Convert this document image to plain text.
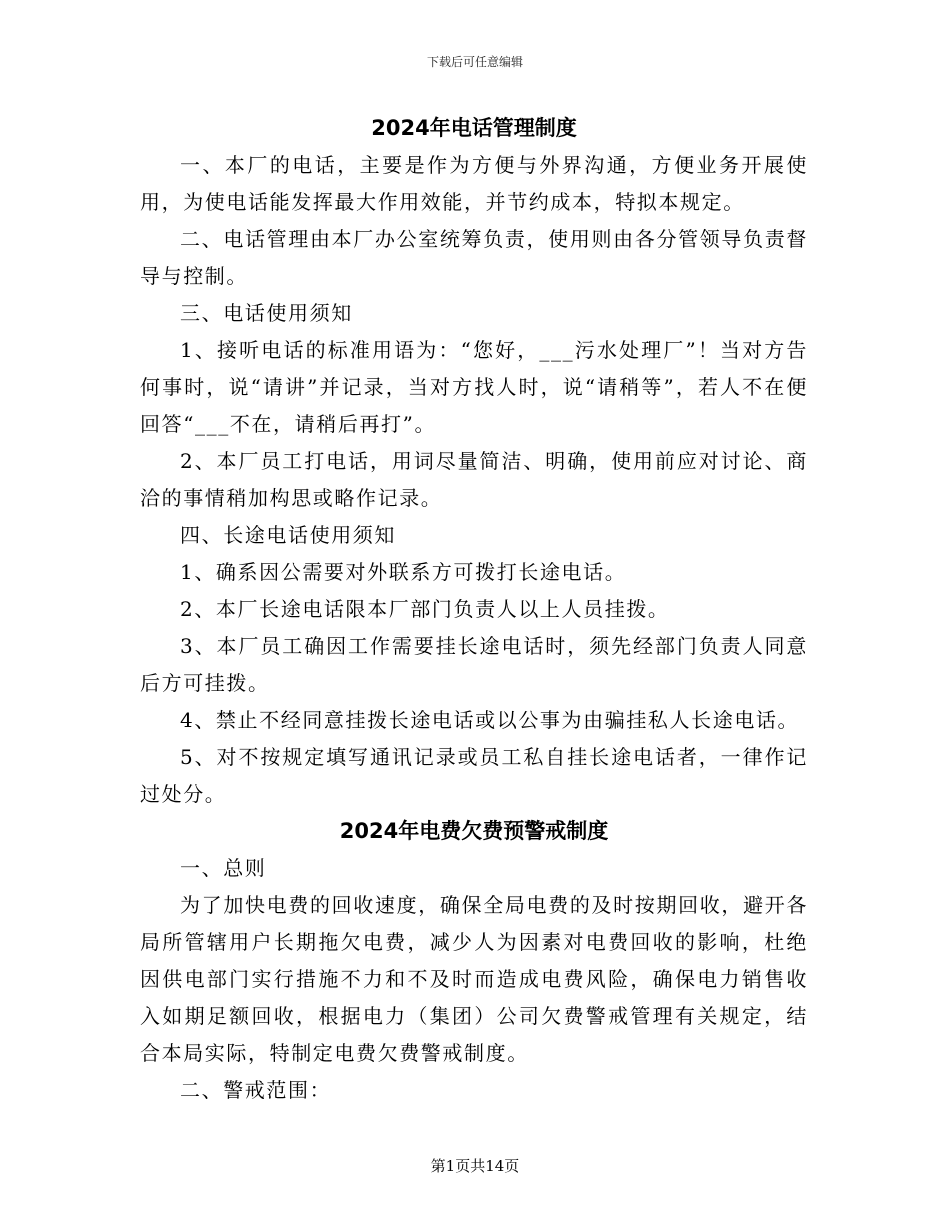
下载后可任意编辑
2024年电话管理制度

一、本厂的电话，主要是作为方便与外界沟通，方便业务开展使用，为使电话能发挥最大作用效能，并节约成本，特拟本规定。

二、电话管理由本厂办公室统筹负责，使用则由各分管领导负责督导与控制。

三、电话使用须知

1、接听电话的标准用语为：“您好，___污水处理厂”！当对方告何事时，说“请讲”并记录，当对方找人时，说“请稍等”，若人不在便回答“___不在，请稍后再打”。

2、本厂员工打电话，用词尽量简洁、明确，使用前应对讨论、商洽的事情稍加构思或略作记录。

四、长途电话使用须知

1、确系因公需要对外联系方可拨打长途电话。

2、本厂长途电话限本厂部门负责人以上人员挂拨。

3、本厂员工确因工作需要挂长途电话时，须先经部门负责人同意后方可挂拨。

4、禁止不经同意挂拨长途电话或以公事为由骗挂私人长途电话。

5、对不按规定填写通讯记录或员工私自挂长途电话者，一律作记过处分。

2024年电费欠费预警戒制度

一、总则

为了加快电费的回收速度，确保全局电费的及时按期回收，避开各局所管辖用户长期拖欠电费，减少人为因素对电费回收的影响，杜绝因供电部门实行措施不力和不及时而造成电费风险，确保电力销售收入如期足额回收，根据电力（集团）公司欠费警戒管理有关规定，结合本局实际，特制定电费欠费警戒制度。

二、警戒范围：

第1页共14页
